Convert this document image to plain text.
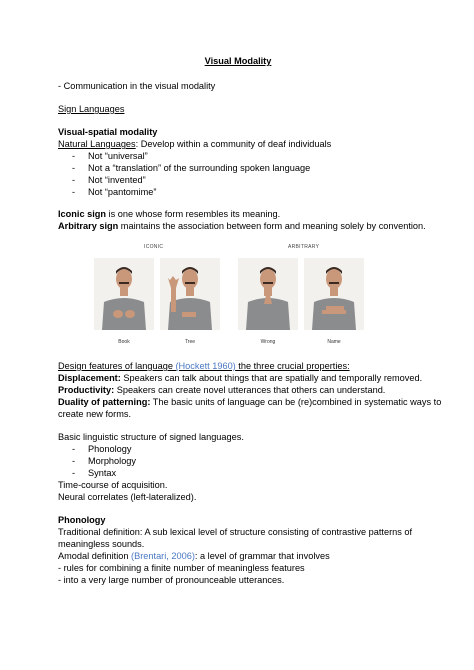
Visual Modality
- Communication in the visual modality
Sign Languages
Visual-spatial modality
Natural Languages: Develop within a community of deaf individuals
- Not “universal”
- Not a “translation” of the surrounding spoken language
- Not “invented”
- Not “pantomime”
Iconic sign is one whose form resembles its meaning.
Arbitrary sign maintains the association between form and meaning solely by convention.
ICONIC	ARBITRARY
Book	Tree	Wrong	Name
Design features of language (Hockett 1960) the three crucial properties:
Displacement: Speakers can talk about things that are spatially and temporally removed.
Productivity: Speakers can create novel utterances that others can understand.
Duality of patterning: The basic units of language can be (re)combined in systematic ways to
create new forms.
Basic linguistic structure of signed languages.
- Phonology
- Morphology
- Syntax
Time-course of acquisition.
Neural correlates (left-lateralized).
Phonology
Traditional definition: A sub lexical level of structure consisting of contrastive patterns of
meaningless sounds.
Amodal definition (Brentari, 2006): a level of grammar that involves
- rules for combining a finite number of meaningless features
- into a very large number of pronounceable utterances.
